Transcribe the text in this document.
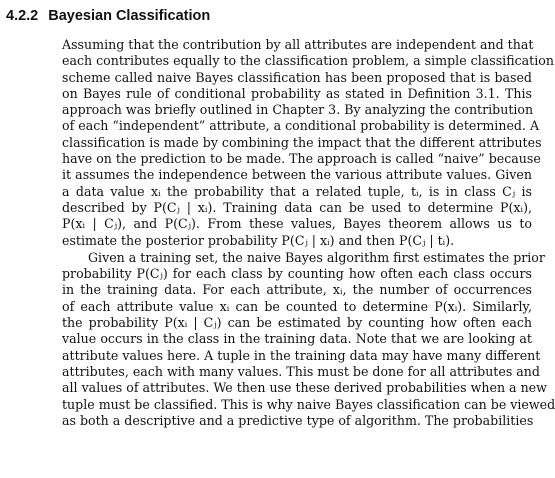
4.2.2 Bayesian Classification
Assuming that the contribution by all attributes are independent and that
each contributes equally to the classification problem, a simple classification
scheme called naive Bayes classification has been proposed that is based
on Bayes rule of conditional probability as stated in Definition 3.1. This
approach was briefly outlined in Chapter 3. By analyzing the contribution
of each “independent” attribute, a conditional probability is determined. A
classification is made by combining the impact that the different attributes
have on the prediction to be made. The approach is called “naive” because
it assumes the independence between the various attribute values. Given
a data value xᵢ the probability that a related tuple, tᵢ, is in class Cⱼ is
described by P(Cⱼ | xᵢ). Training data can be used to determine P(xᵢ),
P(xᵢ | Cⱼ), and P(Cⱼ). From these values, Bayes theorem allows us to
estimate the posterior probability P(Cⱼ | xᵢ) and then P(Cⱼ | tᵢ).
Given a training set, the naive Bayes algorithm first estimates the prior
probability P(Cⱼ) for each class by counting how often each class occurs
in the training data. For each attribute, xᵢ, the number of occurrences
of each attribute value xᵢ can be counted to determine P(xᵢ). Similarly,
the probability P(xᵢ | Cⱼ) can be estimated by counting how often each
value occurs in the class in the training data. Note that we are looking at
attribute values here. A tuple in the training data may have many different
attributes, each with many values. This must be done for all attributes and
all values of attributes. We then use these derived probabilities when a new
tuple must be classified. This is why naive Bayes classification can be viewed
as both a descriptive and a predictive type of algorithm. The probabilities
